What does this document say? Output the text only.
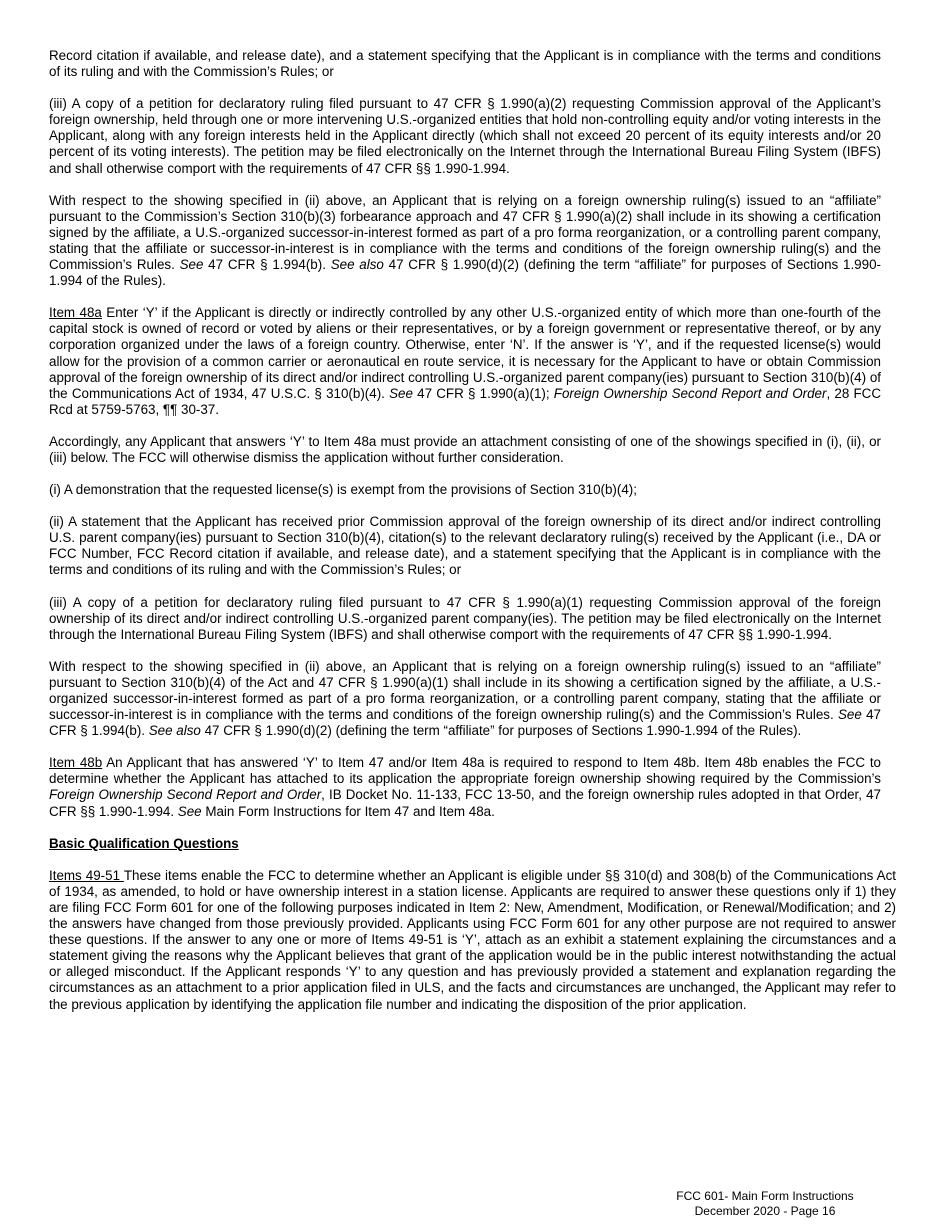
Record citation if available, and release date), and a statement specifying that the Applicant is in compliance with the terms and conditions of its ruling and with the Commission’s Rules; or

(iii) A copy of a petition for declaratory ruling filed pursuant to 47 CFR § 1.990(a)(2) requesting Commission approval of the Applicant’s foreign ownership, held through one or more intervening U.S.-organized entities that hold non-controlling equity and/or voting interests in the Applicant, along with any foreign interests held in the Applicant directly (which shall not exceed 20 percent of its equity interests and/or 20 percent of its voting interests). The petition may be filed electronically on the Internet through the International Bureau Filing System (IBFS) and shall otherwise comport with the requirements of 47 CFR §§ 1.990-1.994.

With respect to the showing specified in (ii) above, an Applicant that is relying on a foreign ownership ruling(s) issued to an “affiliate” pursuant to the Commission’s Section 310(b)(3) forbearance approach and 47 CFR § 1.990(a)(2) shall include in its showing a certification signed by the affiliate, a U.S.-organized successor-in-interest formed as part of a pro forma reorganization, or a controlling parent company, stating that the affiliate or successor-in-interest is in compliance with the terms and conditions of the foreign ownership ruling(s) and the Commission’s Rules. See 47 CFR § 1.994(b). See also 47 CFR § 1.990(d)(2) (defining the term “affiliate” for purposes of Sections 1.990-1.994 of the Rules).

Item 48a Enter ‘Y’ if the Applicant is directly or indirectly controlled by any other U.S.-organized entity of which more than one-fourth of the capital stock is owned of record or voted by aliens or their representatives, or by a foreign government or representative thereof, or by any corporation organized under the laws of a foreign country. Otherwise, enter ‘N’. If the answer is ‘Y’, and if the requested license(s) would allow for the provision of a common carrier or aeronautical en route service, it is necessary for the Applicant to have or obtain Commission approval of the foreign ownership of its direct and/or indirect controlling U.S.-organized parent company(ies) pursuant to Section 310(b)(4) of the Communications Act of 1934, 47 U.S.C. § 310(b)(4). See 47 CFR § 1.990(a)(1); Foreign Ownership Second Report and Order, 28 FCC Rcd at 5759-5763, ¶¶ 30-37.

Accordingly, any Applicant that answers ‘Y’ to Item 48a must provide an attachment consisting of one of the showings specified in (i), (ii), or (iii) below. The FCC will otherwise dismiss the application without further consideration.

(i) A demonstration that the requested license(s) is exempt from the provisions of Section 310(b)(4);

(ii) A statement that the Applicant has received prior Commission approval of the foreign ownership of its direct and/or indirect controlling U.S. parent company(ies) pursuant to Section 310(b)(4), citation(s) to the relevant declaratory ruling(s) received by the Applicant (i.e., DA or FCC Number, FCC Record citation if available, and release date), and a statement specifying that the Applicant is in compliance with the terms and conditions of its ruling and with the Commission’s Rules; or

(iii) A copy of a petition for declaratory ruling filed pursuant to 47 CFR § 1.990(a)(1) requesting Commission approval of the foreign ownership of its direct and/or indirect controlling U.S.-organized parent company(ies). The petition may be filed electronically on the Internet through the International Bureau Filing System (IBFS) and shall otherwise comport with the requirements of 47 CFR §§ 1.990-1.994.

With respect to the showing specified in (ii) above, an Applicant that is relying on a foreign ownership ruling(s) issued to an “affiliate” pursuant to Section 310(b)(4) of the Act and 47 CFR § 1.990(a)(1) shall include in its showing a certification signed by the affiliate, a U.S.-organized successor-in-interest formed as part of a pro forma reorganization, or a controlling parent company, stating that the affiliate or successor-in-interest is in compliance with the terms and conditions of the foreign ownership ruling(s) and the Commission’s Rules. See 47 CFR § 1.994(b). See also 47 CFR § 1.990(d)(2) (defining the term “affiliate” for purposes of Sections 1.990-1.994 of the Rules).

Item 48b An Applicant that has answered ‘Y’ to Item 47 and/or Item 48a is required to respond to Item 48b. Item 48b enables the FCC to determine whether the Applicant has attached to its application the appropriate foreign ownership showing required by the Commission’s Foreign Ownership Second Report and Order, IB Docket No. 11-133, FCC 13-50, and the foreign ownership rules adopted in that Order, 47 CFR §§ 1.990-1.994. See Main Form Instructions for Item 47 and Item 48a.

Basic Qualification Questions

Items 49-51 These items enable the FCC to determine whether an Applicant is eligible under §§ 310(d) and 308(b) of the Communications Act of 1934, as amended, to hold or have ownership interest in a station license. Applicants are required to answer these questions only if 1) they are filing FCC Form 601 for one of the following purposes indicated in Item 2: New, Amendment, Modification, or Renewal/Modification; and 2) the answers have changed from those previously provided. Applicants using FCC Form 601 for any other purpose are not required to answer these questions. If the answer to any one or more of Items 49-51 is ‘Y’, attach as an exhibit a statement explaining the circumstances and a statement giving the reasons why the Applicant believes that grant of the application would be in the public interest notwithstanding the actual or alleged misconduct. If the Applicant responds ‘Y’ to any question and has previously provided a statement and explanation regarding the circumstances as an attachment to a prior application filed in ULS, and the facts and circumstances are unchanged, the Applicant may refer to the previous application by identifying the application file number and indicating the disposition of the prior application.

FCC 601- Main Form Instructions
December 2020 - Page 16
